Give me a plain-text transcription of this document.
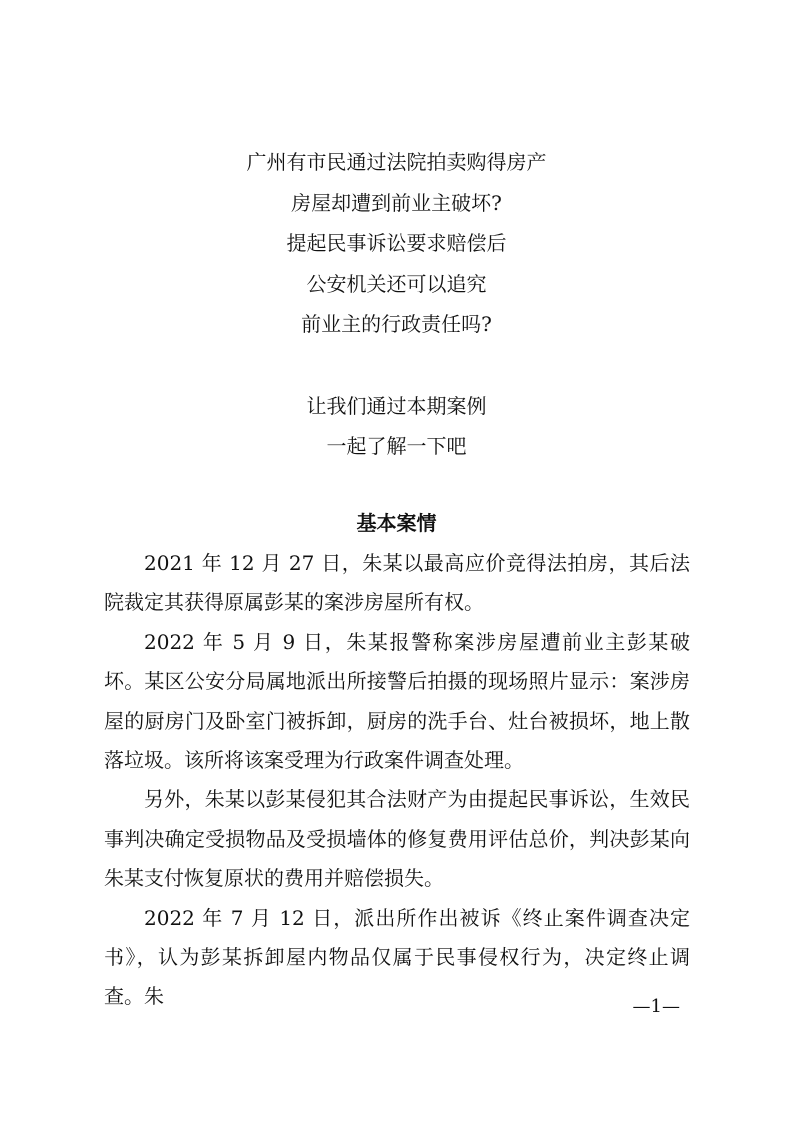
广州有市民通过法院拍卖购得房产
房屋却遭到前业主破坏?
提起民事诉讼要求赔偿后
公安机关还可以追究
前业主的行政责任吗?
让我们通过本期案例
一起了解一下吧
基本案情

2021 年 12 月 27 日，朱某以最高应价竞得法拍房，其后法院裁定其获得原属彭某的案涉房屋所有权。

2022 年 5 月 9 日，朱某报警称案涉房屋遭前业主彭某破坏。某区公安分局属地派出所接警后拍摄的现场照片显示：案涉房屋的厨房门及卧室门被拆卸，厨房的洗手台、灶台被损坏，地上散落垃圾。该所将该案受理为行政案件调查处理。

另外，朱某以彭某侵犯其合法财产为由提起民事诉讼，生效民事判决确定受损物品及受损墙体的修复费用评估总价，判决彭某向朱某支付恢复原状的费用并赔偿损失。

2022 年 7 月 12 日，派出所作出被诉《终止案件调查决定书》，认为彭某拆卸屋内物品仅属于民事侵权行为，决定终止调查。朱	—1—
